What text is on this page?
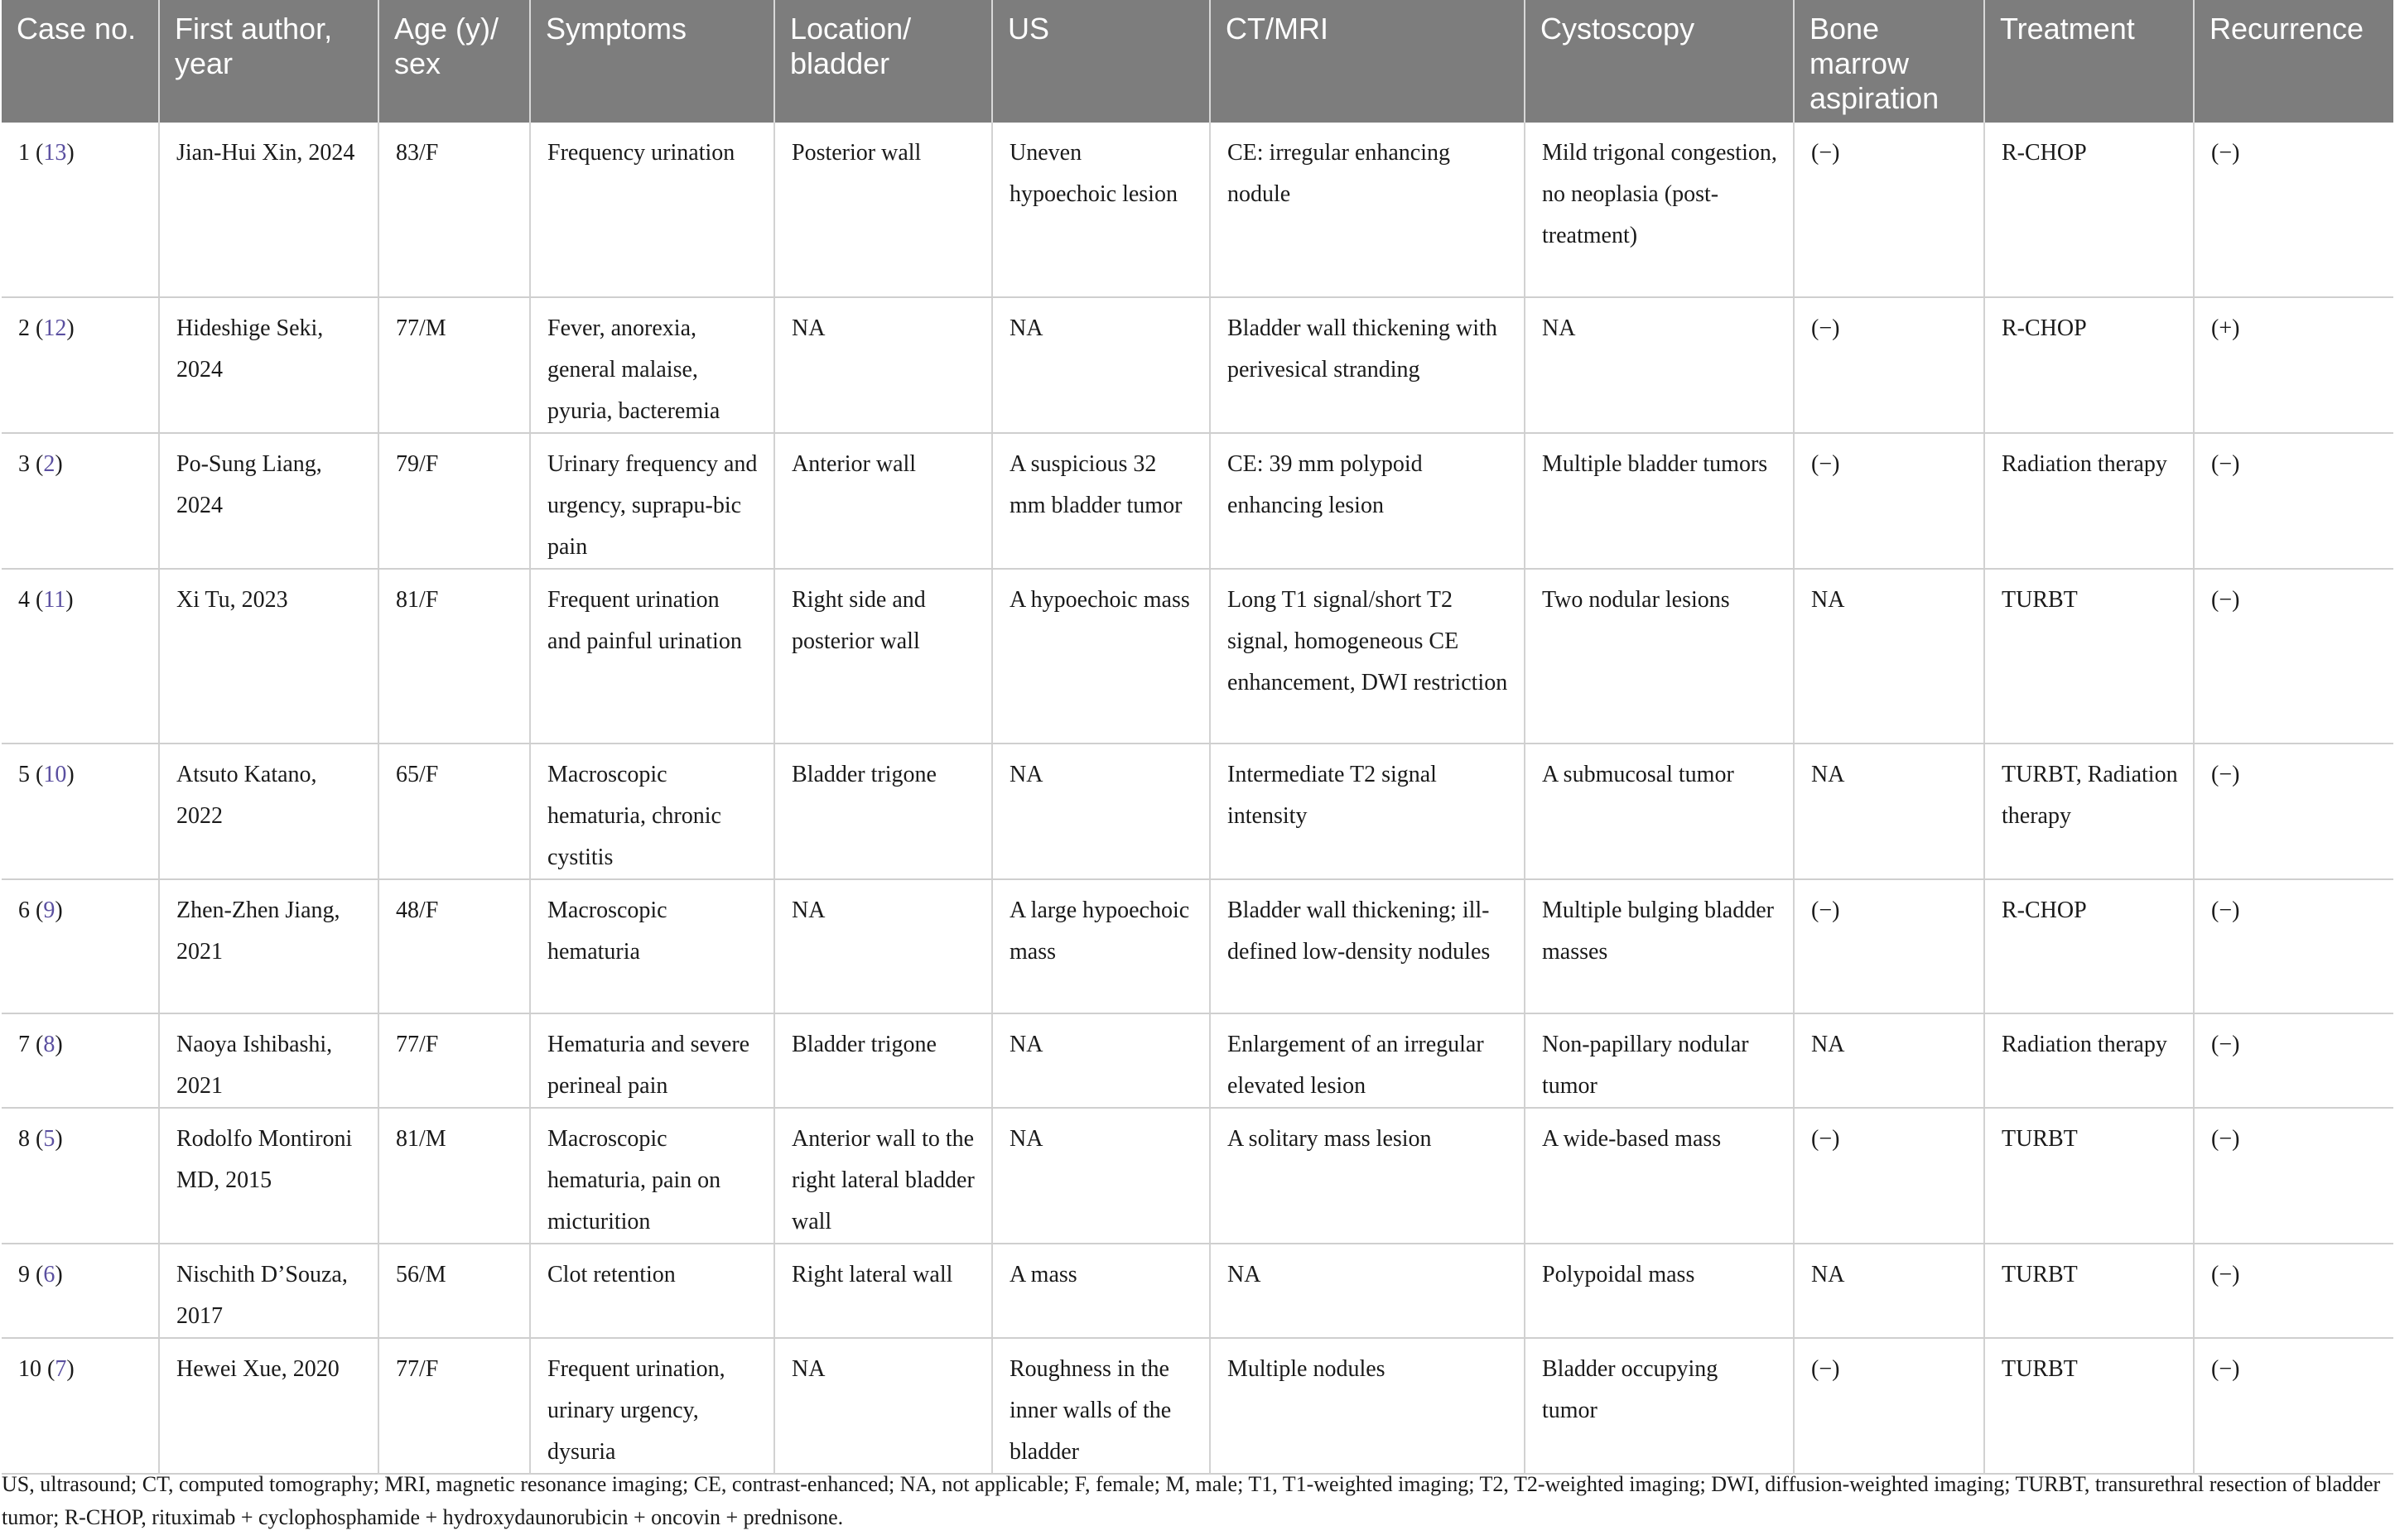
Case no.	First author, year	Age (y)/ sex	Symptoms	Location/ bladder	US	CT/MRI	Cystoscopy	Bone marrow aspiration	Treatment	Recurrence
1 (13)	Jian-Hui Xin, 2024	83/F	Frequency urination	Posterior wall	Uneven hypoechoic lesion	CE: irregular enhancing nodule	Mild trigonal congestion, no neoplasia (post-treatment)	(−)	R-CHOP	(−)
2 (12)	Hideshige Seki, 2024	77/M	Fever, anorexia, general malaise, pyuria, bacteremia	NA	NA	Bladder wall thickening with perivesical stranding	NA	(−)	R-CHOP	(+)
3 (2)	Po-Sung Liang, 2024	79/F	Urinary frequency and urgency, suprapu-bic pain	Anterior wall	A suspicious 32 mm bladder tumor	CE: 39 mm polypoid enhancing lesion	Multiple bladder tumors	(−)	Radiation therapy	(−)
4 (11)	Xi Tu, 2023	81/F	Frequent urination and painful urination	Right side and posterior wall	A hypoechoic mass	Long T1 signal/short T2 signal, homogeneous CE enhancement, DWI restriction	Two nodular lesions	NA	TURBT	(−)
5 (10)	Atsuto Katano, 2022	65/F	Macroscopic hematuria, chronic cystitis	Bladder trigone	NA	Intermediate T2 signal intensity	A submucosal tumor	NA	TURBT, Radiation therapy	(−)
6 (9)	Zhen-Zhen Jiang, 2021	48/F	Macroscopic hematuria	NA	A large hypoechoic mass	Bladder wall thickening; ill-defined low-density nodules	Multiple bulging bladder masses	(−)	R-CHOP	(−)
7 (8)	Naoya Ishibashi, 2021	77/F	Hematuria and severe perineal pain	Bladder trigone	NA	Enlargement of an irregular elevated lesion	Non-papillary nodular tumor	NA	Radiation therapy	(−)
8 (5)	Rodolfo Montironi MD, 2015	81/M	Macroscopic hematuria, pain on micturition	Anterior wall to the right lateral bladder wall	NA	A solitary mass lesion	A wide-based mass	(−)	TURBT	(−)
9 (6)	Nischith D’Souza, 2017	56/M	Clot retention	Right lateral wall	A mass	NA	Polypoidal mass	NA	TURBT	(−)
10 (7)	Hewei Xue, 2020	77/F	Frequent urination, urinary urgency, dysuria	NA	Roughness in the inner walls of the bladder	Multiple nodules	Bladder occupying tumor	(−)	TURBT	(−)
US, ultrasound; CT, computed tomography; MRI, magnetic resonance imaging; CE, contrast-enhanced; NA, not applicable; F, female; M, male; T1, T1-weighted imaging; T2, T2-weighted imaging; DWI, diffusion-weighted imaging; TURBT, transurethral resection of bladder tumor; R-CHOP, rituximab + cyclophosphamide + hydroxydaunorubicin + oncovin + prednisone.
